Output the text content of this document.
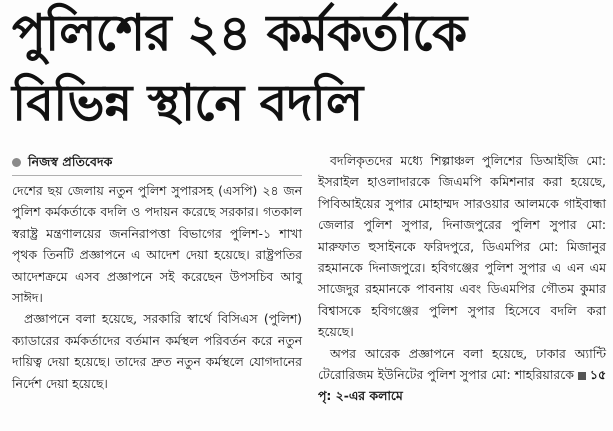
পুলিশের ২৪ কর্মকর্তাকে
বিভিন্ন স্থানে বদলি
নিজস্ব প্রতিবেদক

দেশের ছয় জেলায় নতুন পুলিশ সুপারসহ (এসপি) ২৪ জন পুলিশ কর্মকর্তাকে বদলি ও পদায়ন করেছে সরকার। গতকাল স্বরাষ্ট্র মন্ত্রণালয়ের জননিরাপত্তা বিভাগের পুলিশ-১ শাখা পৃথক তিনটি প্রজ্ঞাপনে এ আদেশ দেয়া হয়েছে। রাষ্ট্রপতির আদেশক্রমে এসব প্রজ্ঞাপনে সই করেছেন উপসচিব আবু সাঈদ।

প্রজ্ঞাপনে বলা হয়েছে, সরকারি স্বার্থে বিসিএস (পুলিশ) ক্যাডারের কর্মকর্তাদের বর্তমান কর্মস্থল পরিবর্তন করে নতুন দায়িত্ব দেয়া হয়েছে। তাদের দ্রুত নতুন কর্মস্থলে যোগদানের নির্দেশ দেয়া হয়েছে।

বদলিকৃতদের মধ্যে শিল্পাঞ্চল পুলিশের ডিআইজি মো: ইসরাইল হাওলাদারকে জিএমপি কমিশনার করা হয়েছে, পিবিআইয়ের সুপার মোহাম্মদ সারওয়ার আলমকে গাইবান্ধা জেলার পুলিশ সুপার, দিনাজপুরের পুলিশ সুপার মো: মারুফাত হুসাইনকে ফরিদপুরে, ডিএমপির মো: মিজানুর রহমানকে দিনাজপুরে। হবিগঞ্জের পুলিশ সুপার এ এন এম সাজেদুর রহমানকে পাবনায় এবং ডিএমপির গৌতম কুমার বিশ্বাসকে হবিগঞ্জের পুলিশ সুপার হিসেবে বদলি করা হয়েছে।

অপর আরেক প্রজ্ঞাপনে বলা হয়েছে, ঢাকার অ্যান্টি টেরোরিজম ইউনিটের পুলিশ সুপার মো: শাহরিয়ারকে ১৫ পৃ: ২-এর কলামে
